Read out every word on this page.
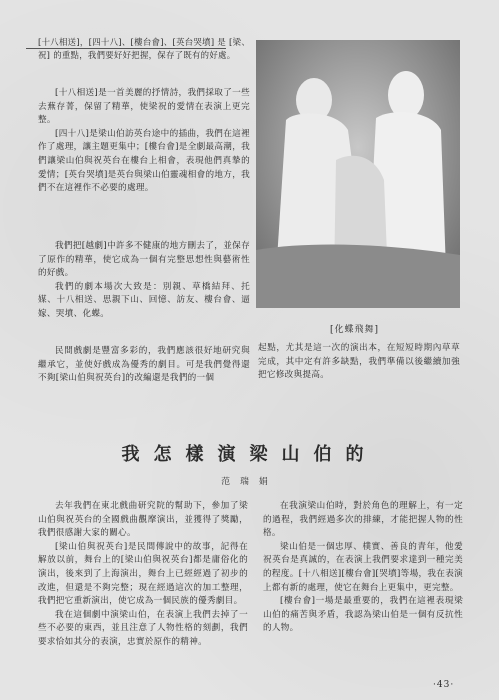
[十八相送]，[四十八]、[樓台會]、[英台哭墳] 是 [梁、祝] 的重點，我們要好好把握，保存了既有的好處。

[十八相送]是一首美麗的抒情詩，我們採取了一些去蕪存菁，保留了精華，使梁祝的愛情在表演上更完整。

[四十八]是梁山伯訪英台途中的插曲，我們在這裡作了處理，讓主題更集中；[樓台會]是全劇最高潮，我們讓梁山伯與祝英台在樓台上相會，表現他們真摯的愛情；[英台哭墳]是英台與梁山伯靈魂相會的地方，我們不在這裡作不必要的處理。

我們把[越劇]中許多不健康的地方刪去了，並保存了原作的精華，使它成為一個有完整思想性與藝術性的好戲。

我們的劇本場次大致是：別親、草橋結拜、托媒、十八相送、思親下山、回憶、訪友、樓台會、逼嫁、哭墳、化蝶。

民間戲劇是豐富多彩的，我們應該很好地研究與繼承它，並使好戲成為優秀的劇目。可是我們覺得還不夠[梁山伯與祝英台]的改編還是我們的一個

[化蝶飛舞]

起點，尤其是這一次的演出本，在短短時期內草草完成，其中定有許多缺點，我們準備以後繼續加強把它修改與提高。

我怎樣演梁山伯的
范瑞娟

去年我們在東北戲曲研究院的幫助下，參加了梁山伯與祝英台的全國戲曲觀摩演出，並獲得了獎勵，我們很感謝大家的關心。

[梁山伯與祝英台]是民間傳說中的故事，記得在解放以前，舞台上的[梁山伯與祝英台]都是庸俗化的演出，後來到了上海演出，舞台上已經經過了初步的改進，但還是不夠完整；現在經過這次的加工整理，我們把它重新演出，使它成為一個民族的優秀劇目。

我在這個劇中演梁山伯，在表演上我們去掉了一些不必要的東西，並且注意了人物性格的刻劃，我們要求恰如其分的表演，忠實於原作的精神。

在我演梁山伯時，對於角色的理解上，有一定的過程，我們經過多次的排練，才能把握人物的性格。

梁山伯是一個忠厚、樸實、善良的青年，他愛祝英台是真誠的，在表演上我們要求達到一種完美的程度。[十八相送][樓台會][哭墳]等場，我在表演上都有新的處理，使它在舞台上更集中，更完整。

[樓台會]一場是最重要的，我們在這裡表現梁山伯的痛苦與矛盾，我認為梁山伯是一個有反抗性的人物。

·43·
